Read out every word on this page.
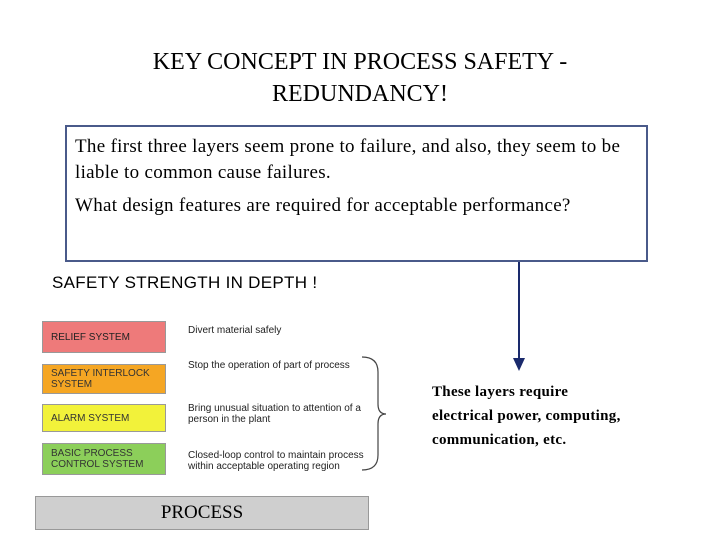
KEY CONCEPT IN PROCESS SAFETY -
REDUNDANCY!

The first three layers seem prone to failure, and also, they seem to be liable to common cause failures.

What design features are required for acceptable performance?

SAFETY STRENGTH IN DEPTH !
RELIEF SYSTEM
SAFETY INTERLOCK SYSTEM
ALARM SYSTEM
BASIC PROCESS CONTROL SYSTEM
Divert material safely
Stop the operation of part of process
Bring unusual situation to attention of a person in the plant
Closed-loop control to maintain process within acceptable operating region
PROCESS
These layers require electrical power, computing, communication, etc.
